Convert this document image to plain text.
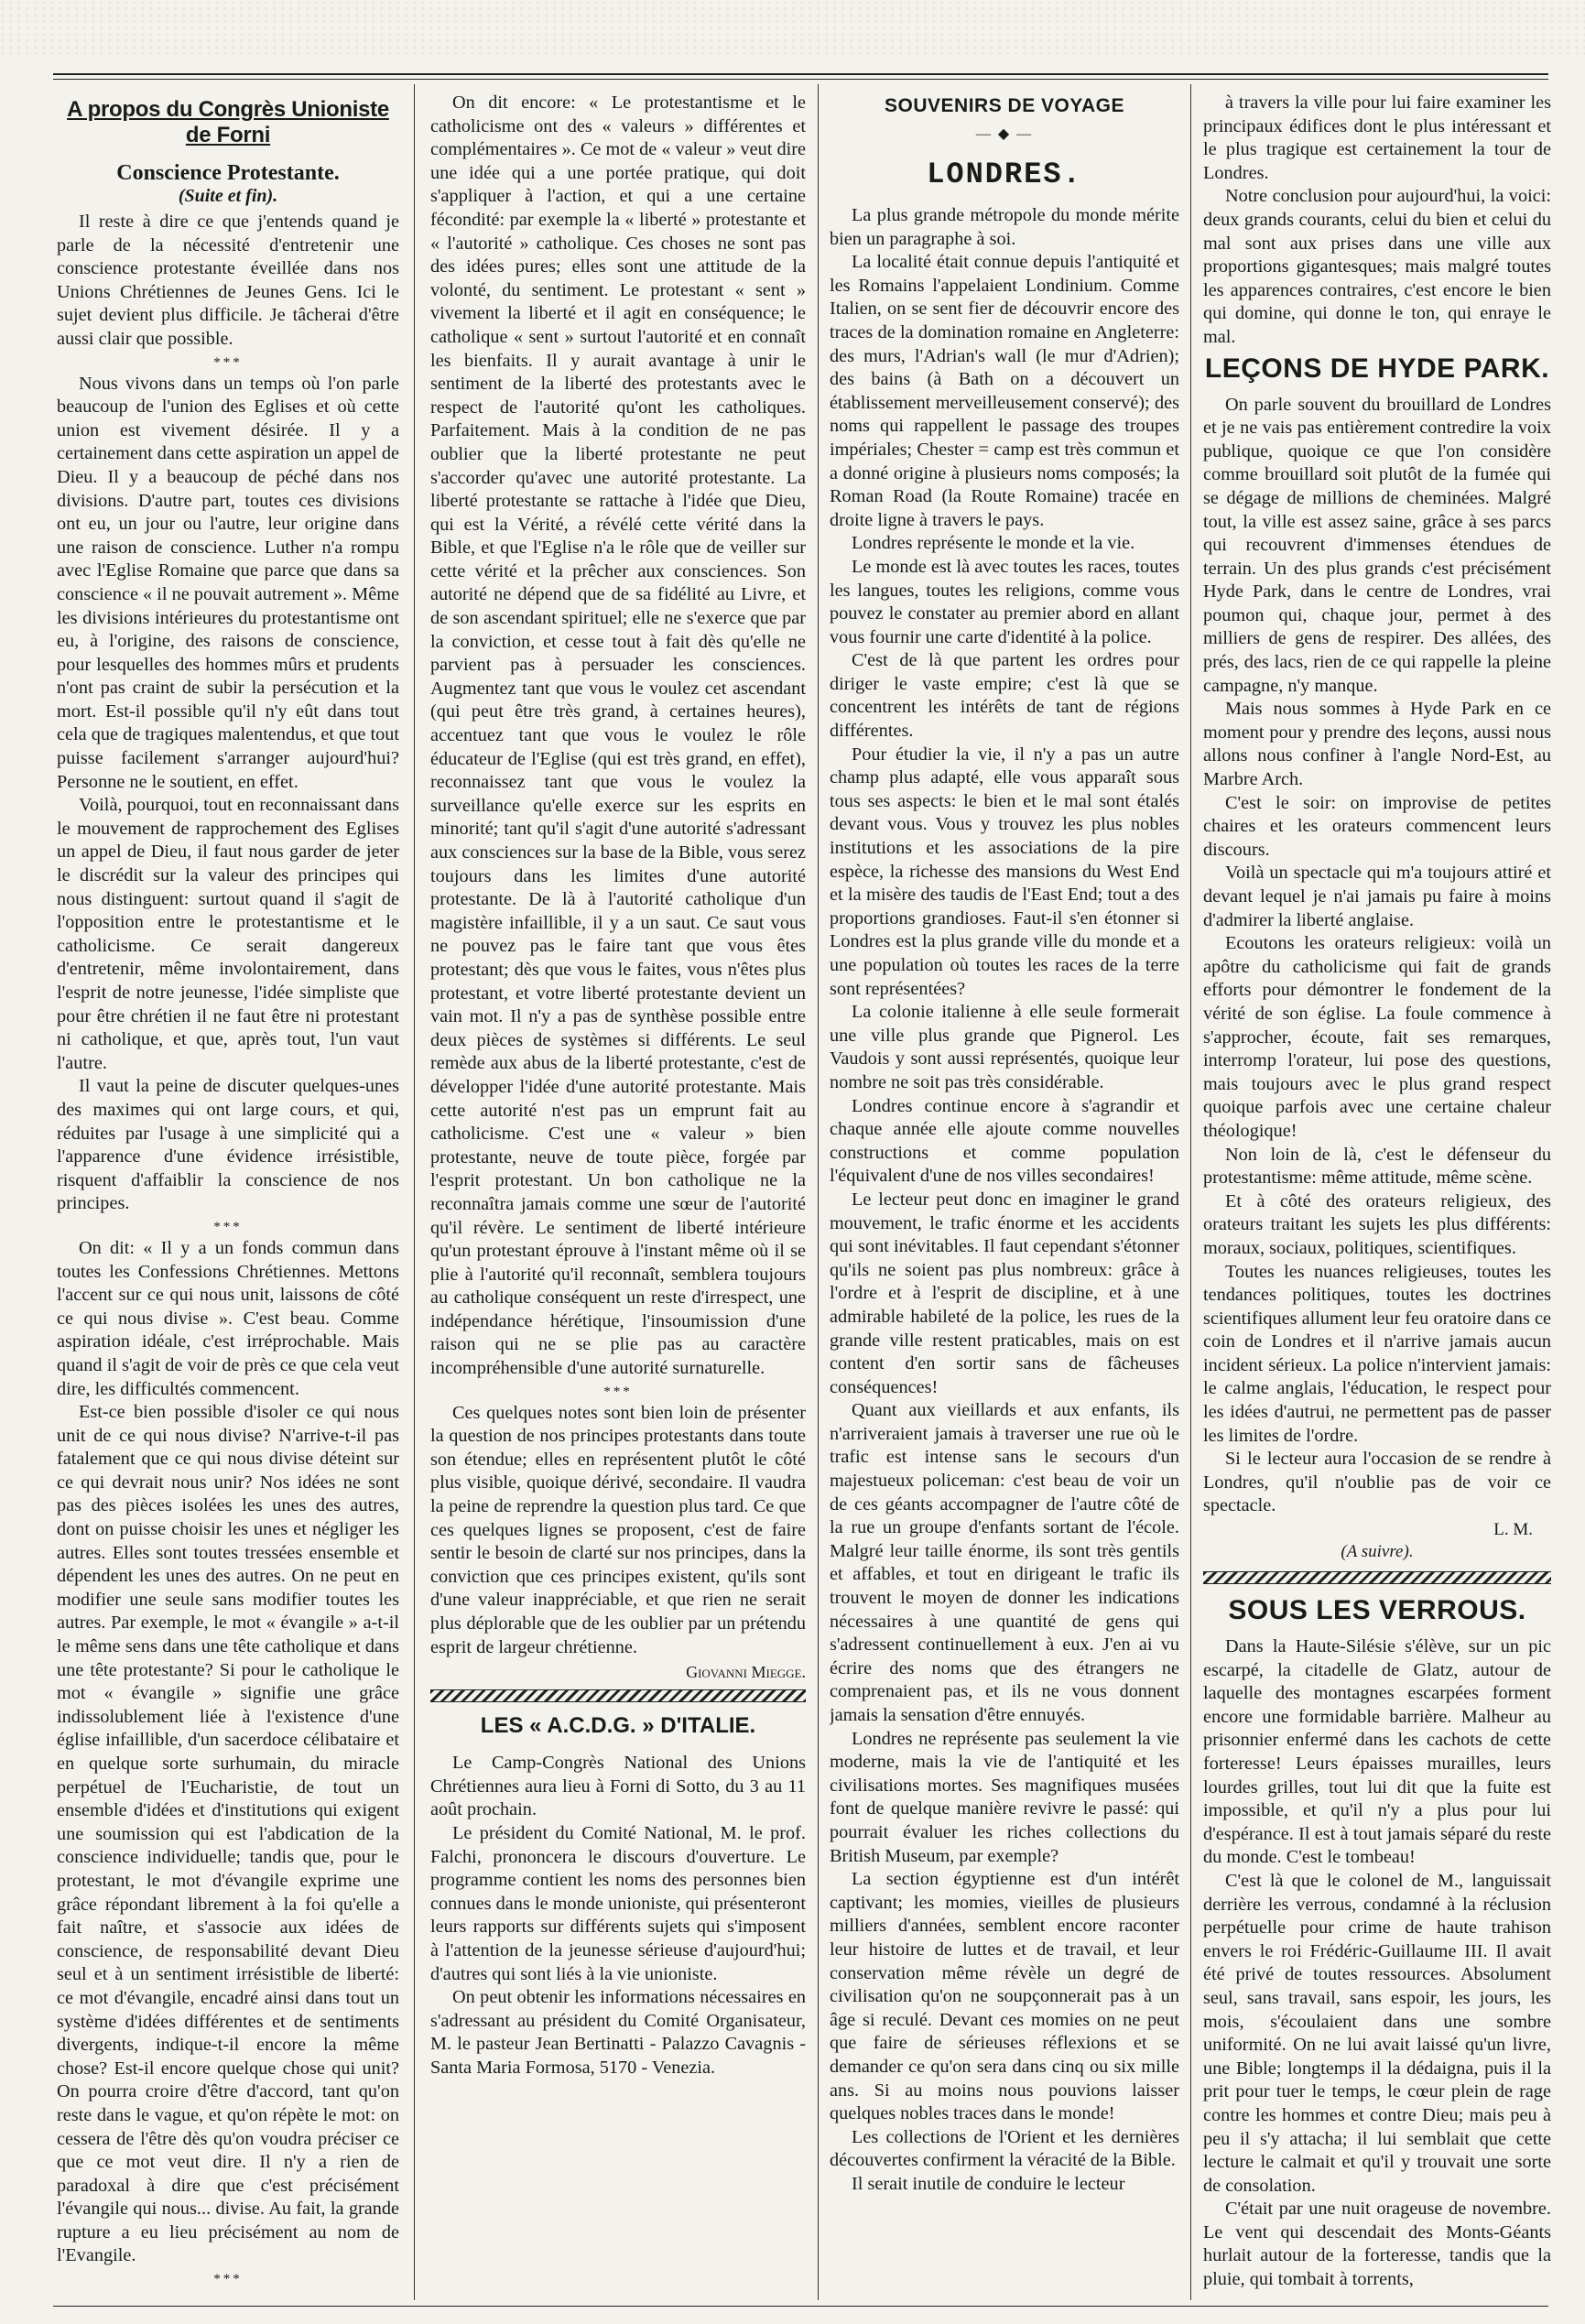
A propos du Congrès Unioniste de Forni
Conscience Protestante.
(Suite et fin).

Il reste à dire ce que j'entends quand je parle de la nécessité d'entretenir une conscience protestante éveillée dans nos Unions Chrétiennes de Jeunes Gens. Ici le sujet devient plus difficile. Je tâcherai d'être aussi clair que possible.

***

Nous vivons dans un temps où l'on parle beaucoup de l'union des Eglises et où cette union est vivement désirée. Il y a certainement dans cette aspiration un appel de Dieu. Il y a beaucoup de péché dans nos divisions. D'autre part, toutes ces divisions ont eu, un jour ou l'autre, leur origine dans une raison de conscience. Luther n'a rompu avec l'Eglise Romaine que parce que dans sa conscience « il ne pouvait autrement ». Même les divisions intérieures du protestantisme ont eu, à l'origine, des raisons de conscience, pour lesquelles des hommes mûrs et prudents n'ont pas craint de subir la persécution et la mort. Est-il possible qu'il n'y eût dans tout cela que de tragiques malentendus, et que tout puisse facilement s'arranger aujourd'hui? Personne ne le soutient, en effet.

Voilà, pourquoi, tout en reconnaissant dans le mouvement de rapprochement des Eglises un appel de Dieu, il faut nous garder de jeter le discrédit sur la valeur des principes qui nous distinguent: surtout quand il s'agit de l'opposition entre le protestantisme et le catholicisme. Ce serait dangereux d'entretenir, même involontairement, dans l'esprit de notre jeunesse, l'idée simpliste que pour être chrétien il ne faut être ni protestant ni catholique, et que, après tout, l'un vaut l'autre.

Il vaut la peine de discuter quelques-unes des maximes qui ont large cours, et qui, réduites par l'usage à une simplicité qui a l'apparence d'une évidence irrésistible, risquent d'affaiblir la conscience de nos principes.

***

On dit: « Il y a un fonds commun dans toutes les Confessions Chrétiennes. Mettons l'accent sur ce qui nous unit, laissons de côté ce qui nous divise ». C'est beau. Comme aspiration idéale, c'est irréprochable. Mais quand il s'agit de voir de près ce que cela veut dire, les difficultés commencent.

Est-ce bien possible d'isoler ce qui nous unit de ce qui nous divise? N'arrive-t-il pas fatalement que ce qui nous divise déteint sur ce qui devrait nous unir? Nos idées ne sont pas des pièces isolées les unes des autres, dont on puisse choisir les unes et négliger les autres. Elles sont toutes tressées ensemble et dépendent les unes des autres. On ne peut en modifier une seule sans modifier toutes les autres. Par exemple, le mot « évangile » a-t-il le même sens dans une tête catholique et dans une tête protestante? Si pour le catholique le mot « évangile » signifie une grâce indissolublement liée à l'existence d'une église infaillible, d'un sacerdoce célibataire et en quelque sorte surhumain, du miracle perpétuel de l'Eucharistie, de tout un ensemble d'idées et d'institutions qui exigent une soumission qui est l'abdication de la conscience individuelle; tandis que, pour le protestant, le mot d'évangile exprime une grâce répondant librement à la foi qu'elle a fait naître, et s'associe aux idées de conscience, de responsabilité devant Dieu seul et à un sentiment irrésistible de liberté: ce mot d'évangile, encadré ainsi dans tout un système d'idées différentes et de sentiments divergents, indique-t-il encore la même chose? Est-il encore quelque chose qui unit? On pourra croire d'être d'accord, tant qu'on reste dans le vague, et qu'on répète le mot: on cessera de l'être dès qu'on voudra préciser ce que ce mot veut dire. Il n'y a rien de paradoxal à dire que c'est précisément l'évangile qui nous... divise. Au fait, la grande rupture a eu lieu précisément au nom de l'Evangile.

***

On dit encore: « Le protestantisme et le catholicisme ont des « valeurs » différentes et complémentaires ». Ce mot de « valeur » veut dire une idée qui a une portée pratique, qui doit s'appliquer à l'action, et qui a une certaine fécondité: par exemple la « liberté » protestante et « l'autorité » catholique. Ces choses ne sont pas des idées pures; elles sont une attitude de la volonté, du sentiment. Le protestant « sent » vivement la liberté et il agit en conséquence; le catholique « sent » surtout l'autorité et en connaît les bienfaits. Il y aurait avantage à unir le sentiment de la liberté des protestants avec le respect de l'autorité qu'ont les catholiques. Parfaitement. Mais à la condition de ne pas oublier que la liberté protestante ne peut s'accorder qu'avec une autorité protestante. La liberté protestante se rattache à l'idée que Dieu, qui est la Vérité, a révélé cette vérité dans la Bible, et que l'Eglise n'a le rôle que de veiller sur cette vérité et la prêcher aux consciences. Son autorité ne dépend que de sa fidélité au Livre, et de son ascendant spirituel; elle ne s'exerce que par la conviction, et cesse tout à fait dès qu'elle ne parvient pas à persuader les consciences. Augmentez tant que vous le voulez cet ascendant (qui peut être très grand, à certaines heures), accentuez tant que vous le voulez le rôle éducateur de l'Eglise (qui est très grand, en effet), reconnaissez tant que vous le voulez la surveillance qu'elle exerce sur les esprits en minorité; tant qu'il s'agit d'une autorité s'adressant aux consciences sur la base de la Bible, vous serez toujours dans les limites d'une autorité protestante. De là à l'autorité catholique d'un magistère infaillible, il y a un saut. Ce saut vous ne pouvez pas le faire tant que vous êtes protestant; dès que vous le faites, vous n'êtes plus protestant, et votre liberté protestante devient un vain mot. Il n'y a pas de synthèse possible entre deux pièces de systèmes si différents. Le seul remède aux abus de la liberté protestante, c'est de développer l'idée d'une autorité protestante. Mais cette autorité n'est pas un emprunt fait au catholicisme. C'est une « valeur » bien protestante, neuve de toute pièce, forgée par l'esprit protestant. Un bon catholique ne la reconnaîtra jamais comme une sœur de l'autorité qu'il révère. Le sentiment de liberté intérieure qu'un protestant éprouve à l'instant même où il se plie à l'autorité qu'il reconnaît, semblera toujours au catholique conséquent un reste d'irrespect, une indépendance hérétique, l'insoumission d'une raison qui ne se plie pas au caractère incompréhensible d'une autorité surnaturelle.

***

Ces quelques notes sont bien loin de présenter la question de nos principes protestants dans toute son étendue; elles en représentent plutôt le côté plus visible, quoique dérivé, secondaire. Il vaudra la peine de reprendre la question plus tard. Ce que ces quelques lignes se proposent, c'est de faire sentir le besoin de clarté sur nos principes, dans la conviction que ces principes existent, qu'ils sont d'une valeur inappréciable, et que rien ne serait plus déplorable que de les oublier par un prétendu esprit de largeur chrétienne.

Giovanni Miegge.
LES « A.C.D.G. » D'ITALIE.

Le Camp-Congrès National des Unions Chrétiennes aura lieu à Forni di Sotto, du 3 au 11 août prochain.

Le président du Comité National, M. le prof. Falchi, prononcera le discours d'ouverture. Le programme contient les noms des personnes bien connues dans le monde unioniste, qui présenteront leurs rapports sur différents sujets qui s'imposent à l'attention de la jeunesse sérieuse d'aujourd'hui; d'autres qui sont liés à la vie unioniste.

On peut obtenir les informations nécessaires en s'adressant au président du Comité Organisateur, M. le pasteur Jean Bertinatti - Palazzo Cavagnis - Santa Maria Formosa, 5170 - Venezia.

SOUVENIRS DE VOYAGE
— ◆ —
LONDRES.

La plus grande métropole du monde mérite bien un paragraphe à soi.

La localité était connue depuis l'antiquité et les Romains l'appelaient Londinium. Comme Italien, on se sent fier de découvrir encore des traces de la domination romaine en Angleterre: des murs, l'Adrian's wall (le mur d'Adrien); des bains (à Bath on a découvert un établissement merveilleusement conservé); des noms qui rappellent le passage des troupes impériales; Chester = camp est très commun et a donné origine à plusieurs noms composés; la Roman Road (la Route Romaine) tracée en droite ligne à travers le pays.

Londres représente le monde et la vie.

Le monde est là avec toutes les races, toutes les langues, toutes les religions, comme vous pouvez le constater au premier abord en allant vous fournir une carte d'identité à la police.

C'est de là que partent les ordres pour diriger le vaste empire; c'est là que se concentrent les intérêts de tant de régions différentes.

Pour étudier la vie, il n'y a pas un autre champ plus adapté, elle vous apparaît sous tous ses aspects: le bien et le mal sont étalés devant vous. Vous y trouvez les plus nobles institutions et les associations de la pire espèce, la richesse des mansions du West End et la misère des taudis de l'East End; tout a des proportions grandioses. Faut-il s'en étonner si Londres est la plus grande ville du monde et a une population où toutes les races de la terre sont représentées?

La colonie italienne à elle seule formerait une ville plus grande que Pignerol. Les Vaudois y sont aussi représentés, quoique leur nombre ne soit pas très considérable.

Londres continue encore à s'agrandir et chaque année elle ajoute comme nouvelles constructions et comme population l'équivalent d'une de nos villes secondaires!

Le lecteur peut donc en imaginer le grand mouvement, le trafic énorme et les accidents qui sont inévitables. Il faut cependant s'étonner qu'ils ne soient pas plus nombreux: grâce à l'ordre et à l'esprit de discipline, et à une admirable habileté de la police, les rues de la grande ville restent praticables, mais on est content d'en sortir sans de fâcheuses conséquences!

Quant aux vieillards et aux enfants, ils n'arriveraient jamais à traverser une rue où le trafic est intense sans le secours d'un majestueux policeman: c'est beau de voir un de ces géants accompagner de l'autre côté de la rue un groupe d'enfants sortant de l'école. Malgré leur taille énorme, ils sont très gentils et affables, et tout en dirigeant le trafic ils trouvent le moyen de donner les indications nécessaires à une quantité de gens qui s'adressent continuellement à eux. J'en ai vu écrire des noms que des étrangers ne comprenaient pas, et ils ne vous donnent jamais la sensation d'être ennuyés.

Londres ne représente pas seulement la vie moderne, mais la vie de l'antiquité et les civilisations mortes. Ses magnifiques musées font de quelque manière revivre le passé: qui pourrait évaluer les riches collections du British Museum, par exemple?

La section égyptienne est d'un intérêt captivant; les momies, vieilles de plusieurs milliers d'années, semblent encore raconter leur histoire de luttes et de travail, et leur conservation même révèle un degré de civilisation qu'on ne soupçonnerait pas à un âge si reculé. Devant ces momies on ne peut que faire de sérieuses réflexions et se demander ce qu'on sera dans cinq ou six mille ans. Si au moins nous pouvions laisser quelques nobles traces dans le monde!

Les collections de l'Orient et les dernières découvertes confirment la véracité de la Bible.

Il serait inutile de conduire le lecteur

à travers la ville pour lui faire examiner les principaux édifices dont le plus intéressant et le plus tragique est certainement la tour de Londres.

Notre conclusion pour aujourd'hui, la voici: deux grands courants, celui du bien et celui du mal sont aux prises dans une ville aux proportions gigantesques; mais malgré toutes les apparences contraires, c'est encore le bien qui domine, qui donne le ton, qui enraye le mal.

LEÇONS DE HYDE PARK.

On parle souvent du brouillard de Londres et je ne vais pas entièrement contredire la voix publique, quoique ce que l'on considère comme brouillard soit plutôt de la fumée qui se dégage de millions de cheminées. Malgré tout, la ville est assez saine, grâce à ses parcs qui recouvrent d'immenses étendues de terrain. Un des plus grands c'est précisément Hyde Park, dans le centre de Londres, vrai poumon qui, chaque jour, permet à des milliers de gens de respirer. Des allées, des prés, des lacs, rien de ce qui rappelle la pleine campagne, n'y manque.

Mais nous sommes à Hyde Park en ce moment pour y prendre des leçons, aussi nous allons nous confiner à l'angle Nord-Est, au Marbre Arch.

C'est le soir: on improvise de petites chaires et les orateurs commencent leurs discours.

Voilà un spectacle qui m'a toujours attiré et devant lequel je n'ai jamais pu faire à moins d'admirer la liberté anglaise.

Ecoutons les orateurs religieux: voilà un apôtre du catholicisme qui fait de grands efforts pour démontrer le fondement de la vérité de son église. La foule commence à s'approcher, écoute, fait ses remarques, interromp l'orateur, lui pose des questions, mais toujours avec le plus grand respect quoique parfois avec une certaine chaleur théologique!

Non loin de là, c'est le défenseur du protestantisme: même attitude, même scène.

Et à côté des orateurs religieux, des orateurs traitant les sujets les plus différents: moraux, sociaux, politiques, scientifiques.

Toutes les nuances religieuses, toutes les tendances politiques, toutes les doctrines scientifiques allument leur feu oratoire dans ce coin de Londres et il n'arrive jamais aucun incident sérieux. La police n'intervient jamais: le calme anglais, l'éducation, le respect pour les idées d'autrui, ne permettent pas de passer les limites de l'ordre.

Si le lecteur aura l'occasion de se rendre à Londres, qu'il n'oublie pas de voir ce spectacle.

L. M.
(A suivre).
SOUS LES VERROUS.

Dans la Haute-Silésie s'élève, sur un pic escarpé, la citadelle de Glatz, autour de laquelle des montagnes escarpées forment encore une formidable barrière. Malheur au prisonnier enfermé dans les cachots de cette forteresse! Leurs épaisses murailles, leurs lourdes grilles, tout lui dit que la fuite est impossible, et qu'il n'y a plus pour lui d'espérance. Il est à tout jamais séparé du reste du monde. C'est le tombeau!

C'est là que le colonel de M., languissait derrière les verrous, condamné à la réclusion perpétuelle pour crime de haute trahison envers le roi Frédéric-Guillaume III. Il avait été privé de toutes ressources. Absolument seul, sans travail, sans espoir, les jours, les mois, s'écoulaient dans une sombre uniformité. On ne lui avait laissé qu'un livre, une Bible; longtemps il la dédaigna, puis il la prit pour tuer le temps, le cœur plein de rage contre les hommes et contre Dieu; mais peu à peu il s'y attacha; il lui semblait que cette lecture le calmait et qu'il y trouvait une sorte de consolation.

C'était par une nuit orageuse de novembre. Le vent qui descendait des Monts-Géants hurlait autour de la forteresse, tandis que la pluie, qui tombait à torrents,
